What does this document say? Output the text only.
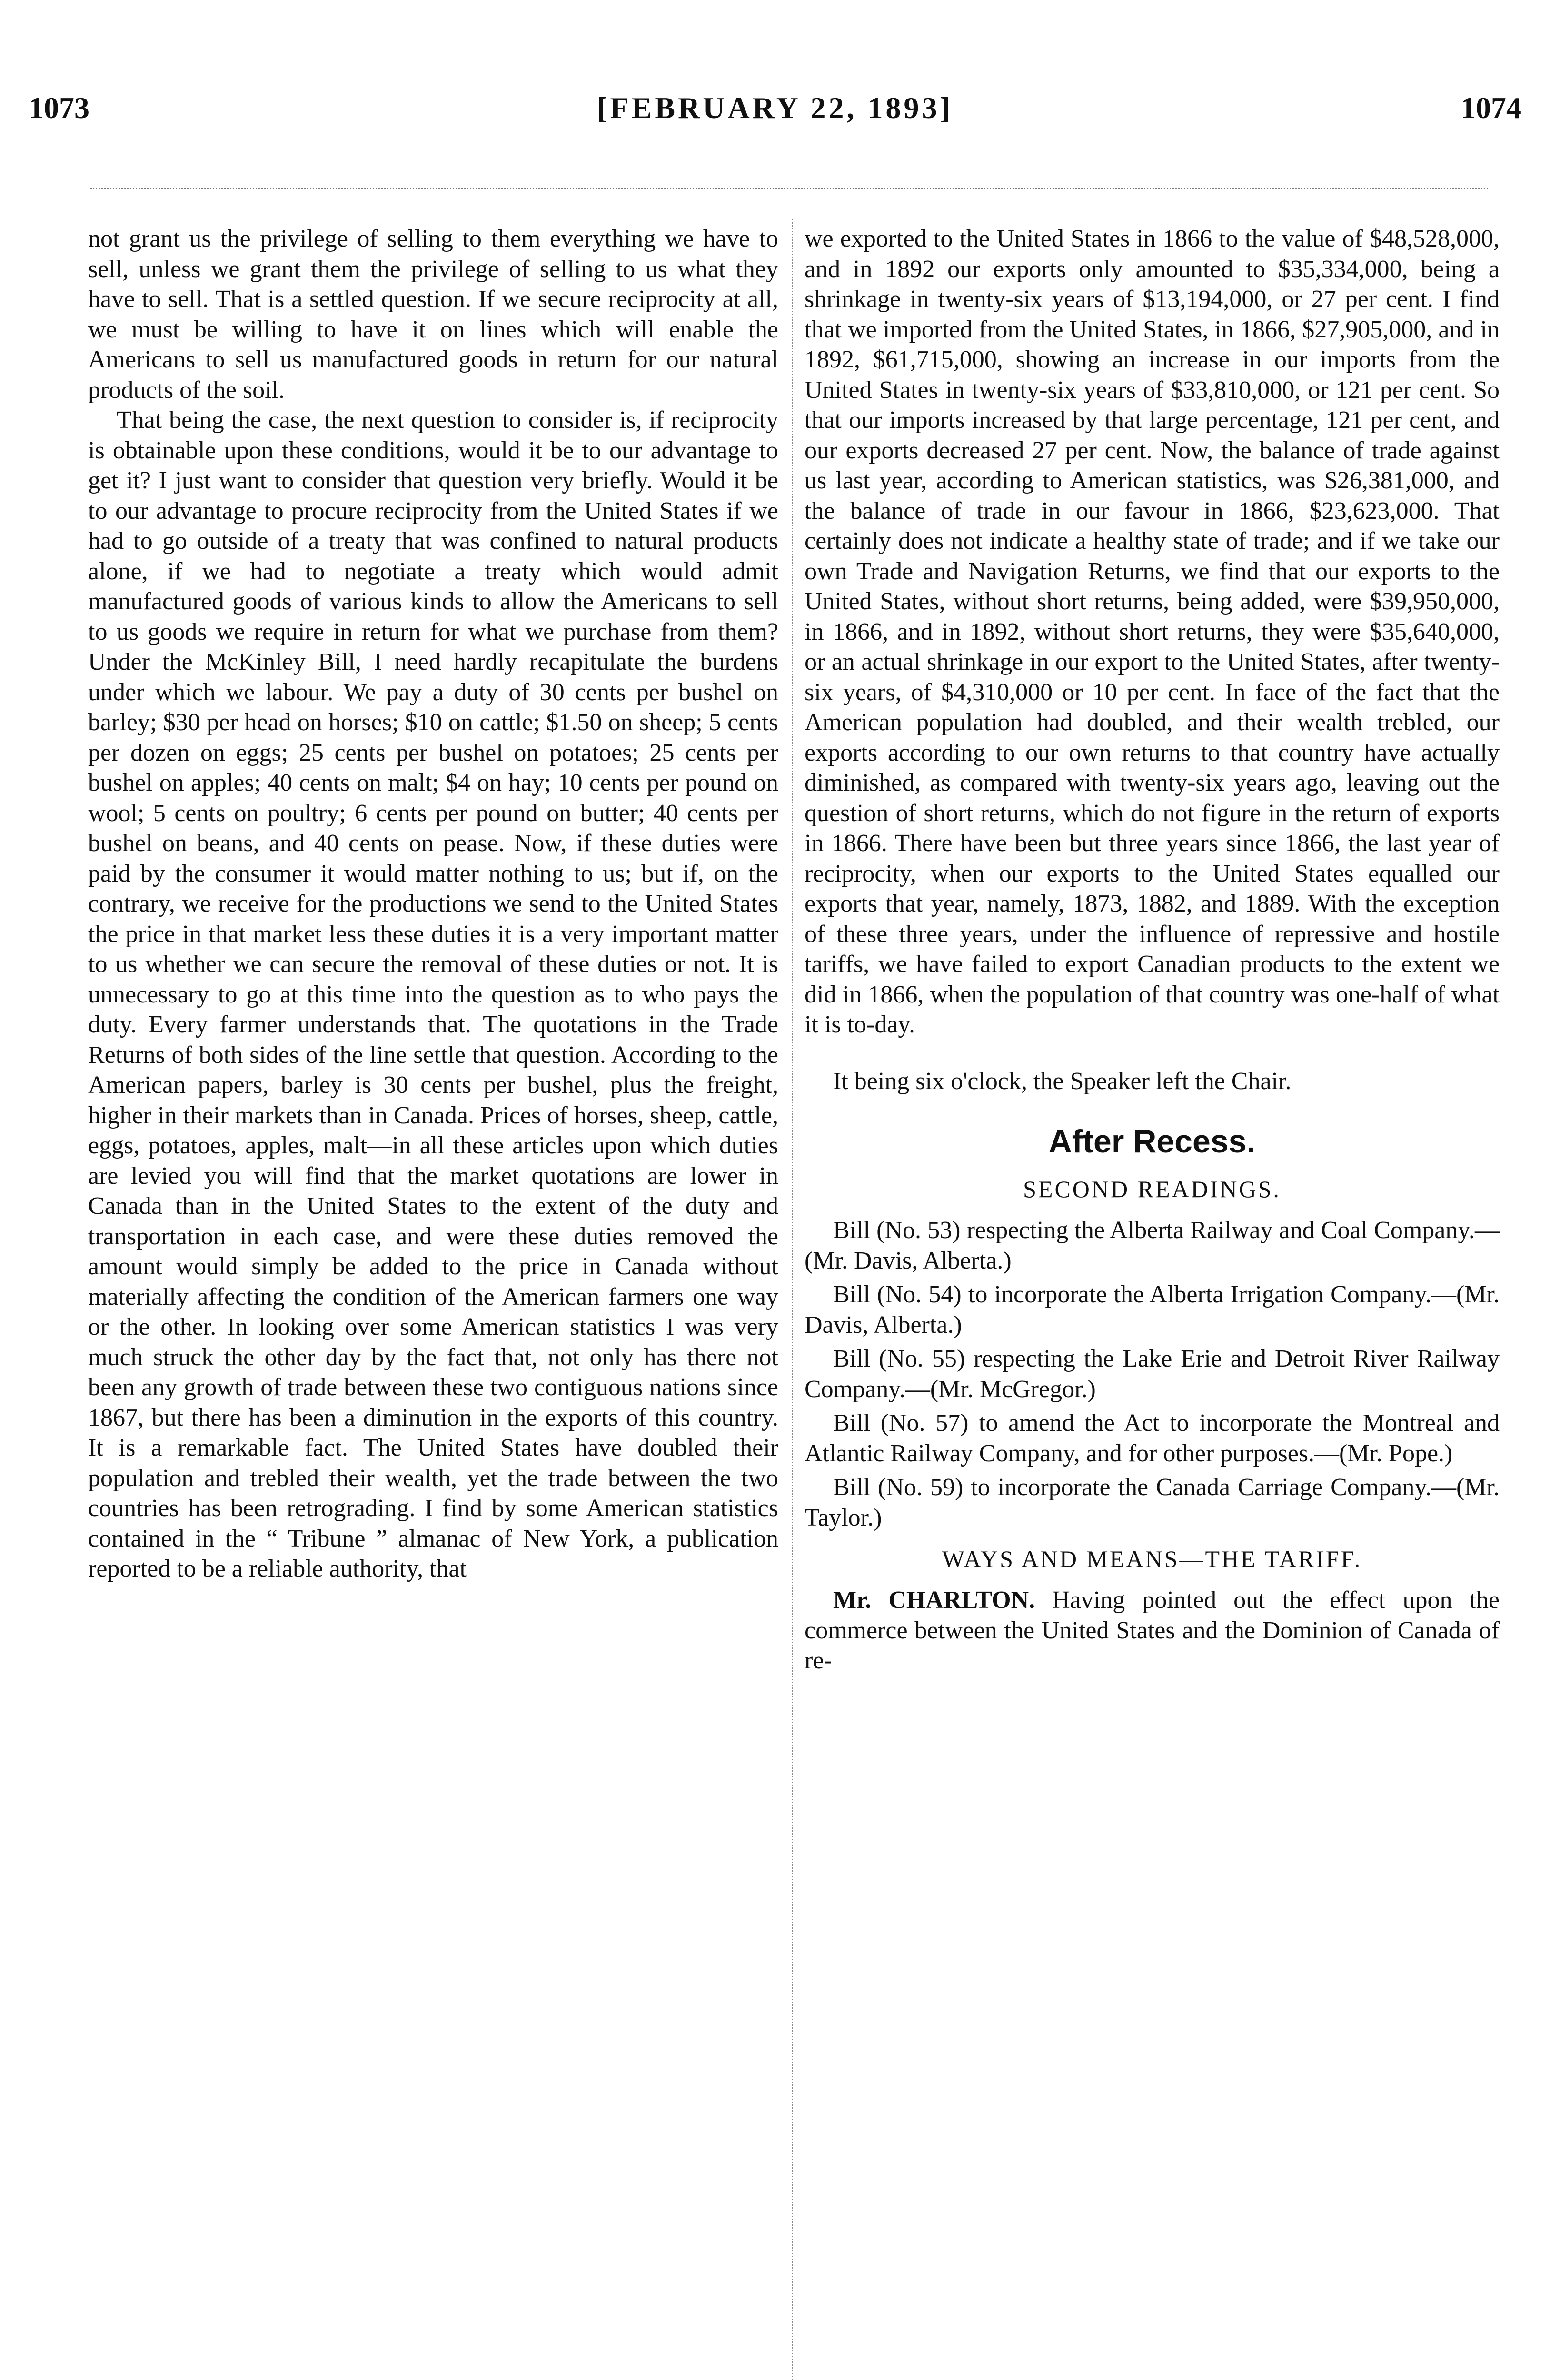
1073	[FEBRUARY 22, 1893]	1074

not grant us the privilege of selling to them everything we have to sell, unless we grant them the privilege of selling to us what they have to sell. That is a settled question. If we secure reciprocity at all, we must be willing to have it on lines which will enable the Americans to sell us manufactured goods in return for our natural products of the soil.

That being the case, the next question to consider is, if reciprocity is obtainable upon these conditions, would it be to our advantage to get it? I just want to consider that question very briefly. Would it be to our advantage to procure reciprocity from the United States if we had to go outside of a treaty that was confined to natural products alone, if we had to negotiate a treaty which would admit manufactured goods of various kinds to allow the Americans to sell to us goods we require in return for what we purchase from them? Under the McKinley Bill, I need hardly recapitulate the burdens under which we labour. We pay a duty of 30 cents per bushel on barley; $30 per head on horses; $10 on cattle; $1.50 on sheep; 5 cents per dozen on eggs; 25 cents per bushel on potatoes; 25 cents per bushel on apples; 40 cents on malt; $4 on hay; 10 cents per pound on wool; 5 cents on poultry; 6 cents per pound on butter; 40 cents per bushel on beans, and 40 cents on pease. Now, if these duties were paid by the consumer it would matter nothing to us; but if, on the contrary, we receive for the productions we send to the United States the price in that market less these duties it is a very important matter to us whether we can secure the removal of these duties or not. It is unnecessary to go at this time into the question as to who pays the duty. Every farmer understands that. The quotations in the Trade Returns of both sides of the line settle that question. According to the American papers, barley is 30 cents per bushel, plus the freight, higher in their markets than in Canada. Prices of horses, sheep, cattle, eggs, potatoes, apples, malt—in all these articles upon which duties are levied you will find that the market quotations are lower in Canada than in the United States to the extent of the duty and transportation in each case, and were these duties removed the amount would simply be added to the price in Canada without materially affecting the condition of the American farmers one way or the other. In looking over some American statistics I was very much struck the other day by the fact that, not only has there not been any growth of trade between these two contiguous nations since 1867, but there has been a diminution in the exports of this country. It is a remarkable fact. The United States have doubled their population and trebled their wealth, yet the trade between the two countries has been retrograding. I find by some American statistics contained in the “ Tribune ” almanac of New York, a publication reported to be a reliable authority, that

we exported to the United States in 1866 to the value of $48,528,000, and in 1892 our exports only amounted to $35,334,000, being a shrinkage in twenty-six years of $13,194,000, or 27 per cent. I find that we imported from the United States, in 1866, $27,905,000, and in 1892, $61,715,000, showing an increase in our imports from the United States in twenty-six years of $33,810,000, or 121 per cent. So that our imports increased by that large percentage, 121 per cent, and our exports decreased 27 per cent. Now, the balance of trade against us last year, according to American statistics, was $26,381,000, and the balance of trade in our favour in 1866, $23,623,000. That certainly does not indicate a healthy state of trade; and if we take our own Trade and Navigation Returns, we find that our exports to the United States, without short returns, being added, were $39,950,000, in 1866, and in 1892, without short returns, they were $35,640,000, or an actual shrinkage in our export to the United States, after twenty-six years, of $4,310,000 or 10 per cent. In face of the fact that the American population had doubled, and their wealth trebled, our exports according to our own returns to that country have actually diminished, as compared with twenty-six years ago, leaving out the question of short returns, which do not figure in the return of exports in 1866. There have been but three years since 1866, the last year of reciprocity, when our exports to the United States equalled our exports that year, namely, 1873, 1882, and 1889. With the exception of these three years, under the influence of repressive and hostile tariffs, we have failed to export Canadian products to the extent we did in 1866, when the population of that country was one-half of what it is to-day.

It being six o'clock, the Speaker left the Chair.

After Recess.
SECOND READINGS.

Bill (No. 53) respecting the Alberta Railway and Coal Company.—(Mr. Davis, Alberta.)

Bill (No. 54) to incorporate the Alberta Irrigation Company.—(Mr. Davis, Alberta.)

Bill (No. 55) respecting the Lake Erie and Detroit River Railway Company.—(Mr. McGregor.)

Bill (No. 57) to amend the Act to incorporate the Montreal and Atlantic Railway Company, and for other purposes.—(Mr. Pope.)

Bill (No. 59) to incorporate the Canada Carriage Company.—(Mr. Taylor.)

WAYS AND MEANS—THE TARIFF.

Mr. CHARLTON. Having pointed out the effect upon the commerce between the United States and the Dominion of Canada of re-
